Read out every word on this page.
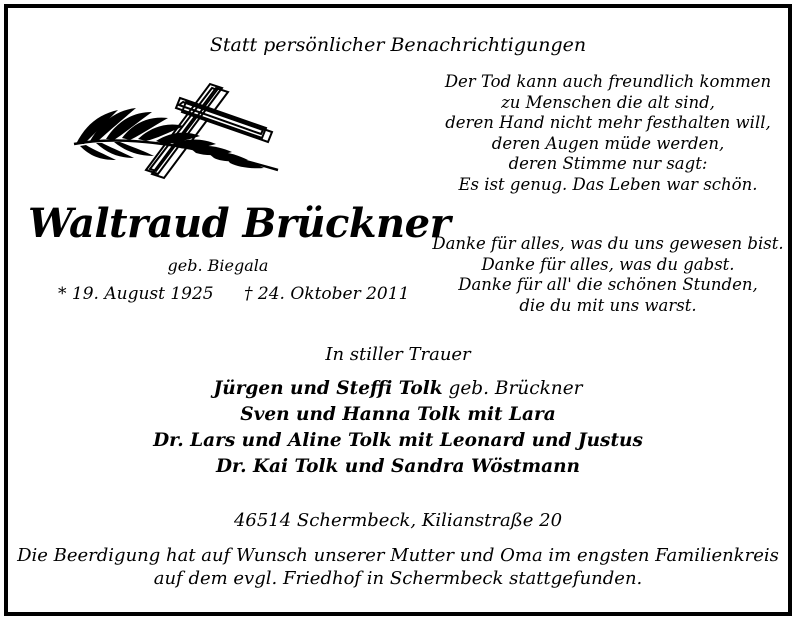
Statt persönlicher Benachrichtigungen
Der Tod kann auch freundlich kommen
zu Menschen die alt sind,
deren Hand nicht mehr festhalten will,
deren Augen müde werden,
deren Stimme nur sagt:
Es ist genug. Das Leben war schön.
Waltraud Brückner
geb. Biegala
* 19. August 1925 † 24. Oktober 2011
Danke für alles, was du uns gewesen bist.
Danke für alles, was du gabst.
Danke für all' die schönen Stunden,
die du mit uns warst.
In stiller Trauer
Jürgen und Steffi Tolk geb. Brückner
Sven und Hanna Tolk mit Lara
Dr. Lars und Aline Tolk mit Leonard und Justus
Dr. Kai Tolk und Sandra Wöstmann
46514 Schermbeck, Kilianstraße 20
Die Beerdigung hat auf Wunsch unserer Mutter und Oma im engsten Familienkreis
auf dem evgl. Friedhof in Schermbeck stattgefunden.
